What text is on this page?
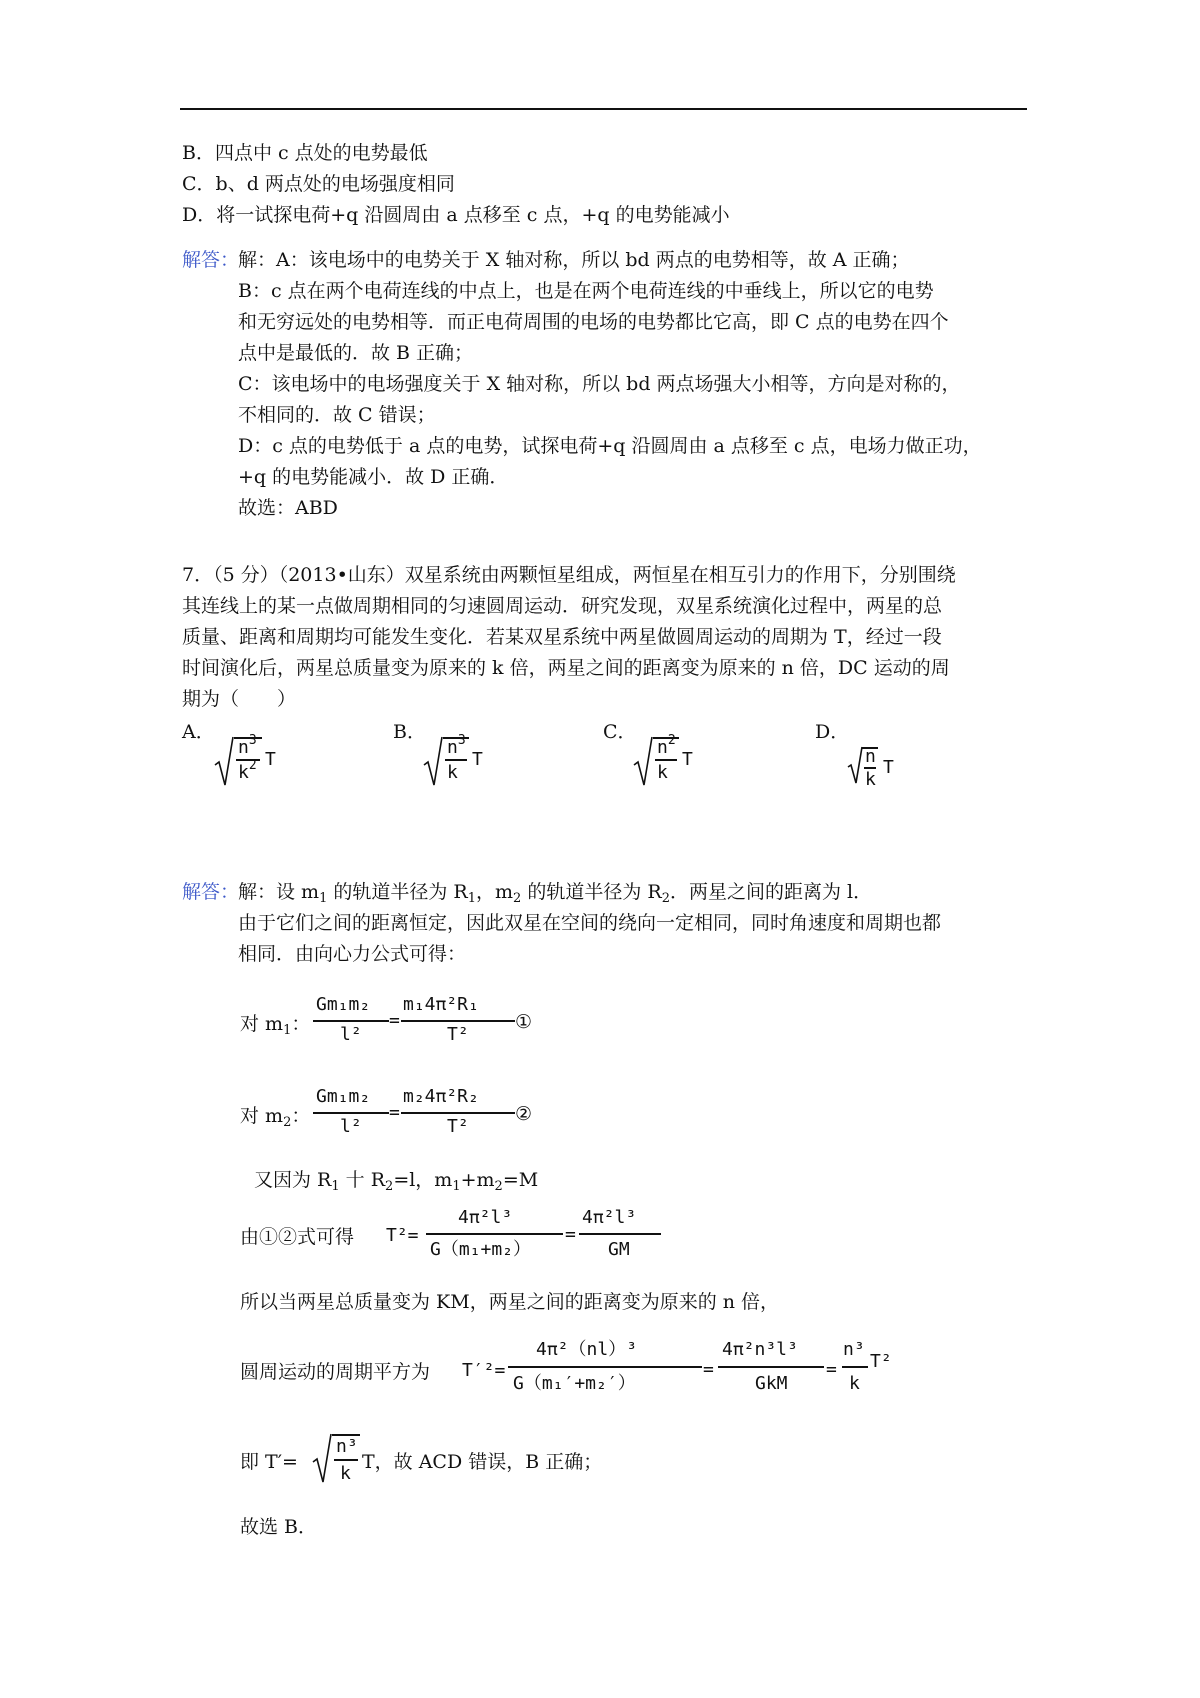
B．四点中 c 点处的电势最低
C．b、d 两点处的电场强度相同
D．将一试探电荷+q 沿圆周由 a 点移至 c 点，+q 的电势能减小
解答：
解：A：该电场中的电势关于 X 轴对称，所以 bd 两点的电势相等，故 A 正确；
B：c 点在两个电荷连线的中点上，也是在两个电荷连线的中垂线上，所以它的电势
和无穷远处的电势相等．而正电荷周围的电场的电势都比它高，即 C 点的电势在四个
点中是最低的．故 B 正确；
C：该电场中的电场强度关于 X 轴对称，所以 bd 两点场强大小相等，方向是对称的，
不相同的．故 C 错误；
D：c 点的电势低于 a 点的电势，试探电荷+q 沿圆周由 a 点移至 c 点，电场力做正功，
+q 的电势能减小．故 D 正确．
故选：ABD
7．（5 分）（2013•山东）双星系统由两颗恒星组成，两恒星在相互引力的作用下，分别围绕
其连线上的某一点做周期相同的匀速圆周运动．研究发现，双星系统演化过程中，两星的总
质量、距离和周期均可能发生变化．若某双星系统中两星做圆周运动的周期为 T，经过一段
时间演化后，两星总质量变为原来的 k 倍，两星之间的距离变为原来的 n 倍，DC 运动的周
期为（　　）
A．
$n^3$
$k^2$ T
B．
$n^3$
k
T
C．
$n^2$
k
T
D．
n
k
T
解答：
解：设 $m_1$ 的轨道半径为 $R_1$，$m_2$ 的轨道半径为 $R_2$．两星之间的距离为 l．
由于它们之间的距离恒定，因此双星在空间的绕向一定相同，同时角速度和周期也都
相同．由向心力公式可得：
对 $m_1$：
Gm₁m₂
l²
=
m₁4π²R₁
T²
①
对 $m_2$：
Gm₁m₂
l²
=
m₂4π²R₂
T²
②
又因为 $R_1$ 十 $R_2=l$，$m_1+m_2=M$
由①②式可得 T²=
4π²l³
G（m₁+m₂）
=
4π²l³
GM
所以当两星总质量变为 KM，两星之间的距离变为原来的 n 倍，
圆周运动的周期平方为 T′²=
4π²（nl）³
G（m₁′+m₂′）
=
4π²n³l³
GkM
=
n³
k
T²
即 T′=
n³
k
T，故 ACD 错误，B 正确；
故选 B．
